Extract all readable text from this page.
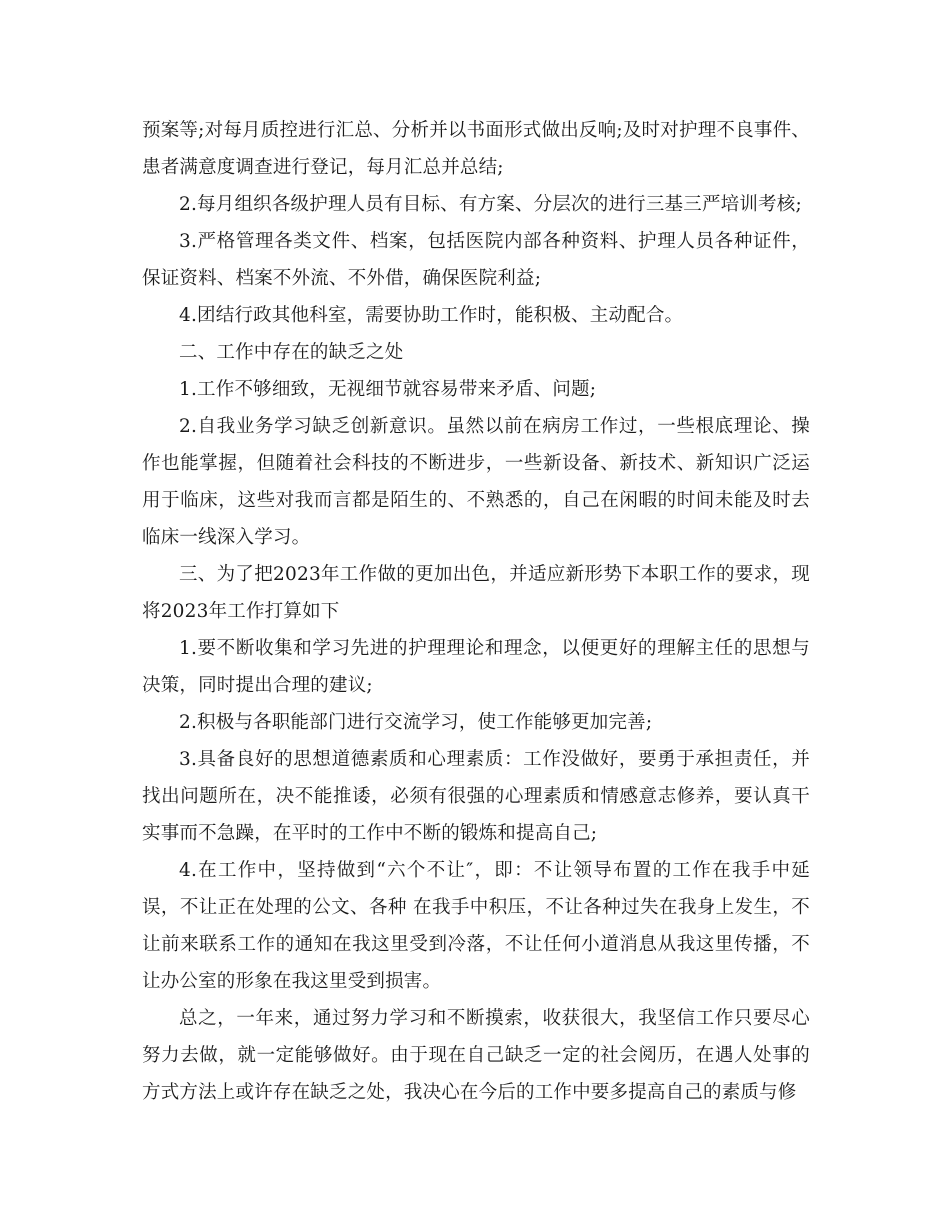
预案等;对每月质控进行汇总、分析并以书面形式做出反响;及时对护理不良事件、患者满意度调查进行登记，每月汇总并总结;

2.每月组织各级护理人员有目标、有方案、分层次的进行三基三严培训考核;

3.严格管理各类文件、档案，包括医院内部各种资料、护理人员各种证件，保证资料、档案不外流、不外借，确保医院利益;

4.团结行政其他科室，需要协助工作时，能积极、主动配合。

二、工作中存在的缺乏之处

1.工作不够细致，无视细节就容易带来矛盾、问题;

2.自我业务学习缺乏创新意识。虽然以前在病房工作过，一些根底理论、操作也能掌握，但随着社会科技的不断进步，一些新设备、新技术、新知识广泛运用于临床，这些对我而言都是陌生的、不熟悉的，自己在闲暇的时间未能及时去临床一线深入学习。

三、为了把2023年工作做的更加出色，并适应新形势下本职工作的要求，现将2023年工作打算如下

1.要不断收集和学习先进的护理理论和理念，以便更好的理解主任的思想与决策，同时提出合理的建议;

2.积极与各职能部门进行交流学习，使工作能够更加完善;

3.具备良好的思想道德素质和心理素质：工作没做好，要勇于承担责任，并找出问题所在，决不能推诿，必须有很强的心理素质和情感意志修养，要认真干实事而不急躁，在平时的工作中不断的锻炼和提高自己;

4.在工作中，坚持做到“六个不让″，即：不让领导布置的工作在我手中延误，不让正在处理的公文、各种 在我手中积压，不让各种过失在我身上发生，不让前来联系工作的通知在我这里受到冷落，不让任何小道消息从我这里传播，不让办公室的形象在我这里受到损害。

总之，一年来，通过努力学习和不断摸索，收获很大，我坚信工作只要尽心努力去做，就一定能够做好。由于现在自己缺乏一定的社会阅历，在遇人处事的方式方法上或许存在缺乏之处，我决心在今后的工作中要多提高自己的素质与修
